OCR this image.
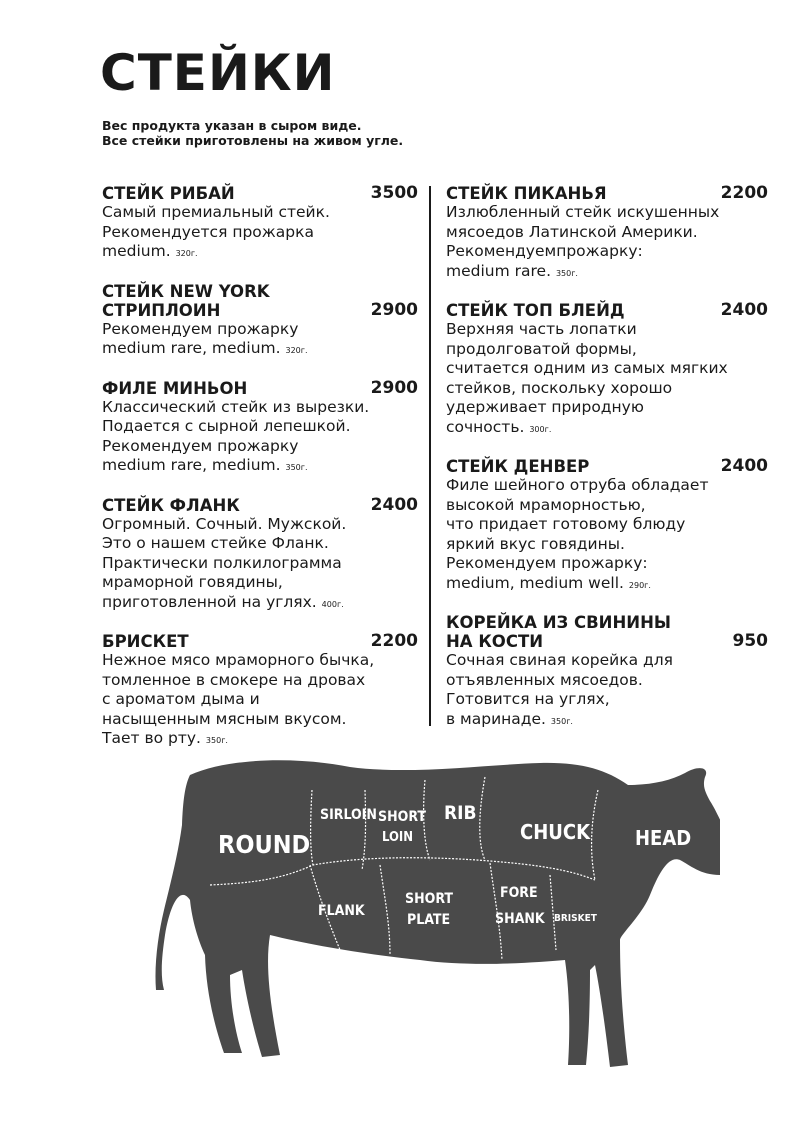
СТЕЙКИ
Вес продукта указан в сыром виде.
Все стейки приготовлены на живом угле.
СТЕЙК РИБАЙ	3500
Самый премиальный стейк.
Рекомендуется прожарка
medium. 320г.
СТЕЙК NEW YORK
СТРИПЛОИН	2900
Рекомендуем прожарку
medium rare, medium. 320г.
ФИЛЕ МИНЬОН	2900
Классический стейк из вырезки.
Подается с сырной лепешкой.
Рекомендуем прожарку
medium rare, medium. 350г.
СТЕЙК ФЛАНК	2400
Огромный. Сочный. Мужской.
Это о нашем стейке Фланк.
Практически полкилограмма
мраморной говядины,
приготовленной на углях. 400г.
БРИСКЕТ	2200
Нежное мясо мраморного бычка,
томленное в смокере на дровах
с ароматом дыма и
насыщенным мясным вкусом.
Тает во рту. 350г.
СТЕЙК ПИКАНЬЯ	2200
Излюбленный стейк искушенных
мясоедов Латинской Америки.
Рекомендуемпрожарку:
medium rare. 350г.
СТЕЙК ТОП БЛЕЙД	2400
Верхняя часть лопатки
продолговатой формы,
считается одним из самых мягких
стейков, поскольку хорошо
удерживает природную
сочность. 300г.
СТЕЙК ДЕНВЕР	2400
Филе шейного отруба обладает
высокой мраморностью,
что придает готовому блюду
яркий вкус говядины.
Рекомендуем прожарку:
medium, medium well. 290г.
КОРЕЙКА ИЗ СВИНИНЫ
НА КОСТИ	950
Сочная свиная корейка для
отъявленных мясоедов.
Готовится на углях,
в маринаде. 350г.
ROUND
SIRLOIN SHORT
LOIN
RIB
CHUCK HEAD
FLANK
SHORT
PLATE
FORE
SHANK BRISKET
